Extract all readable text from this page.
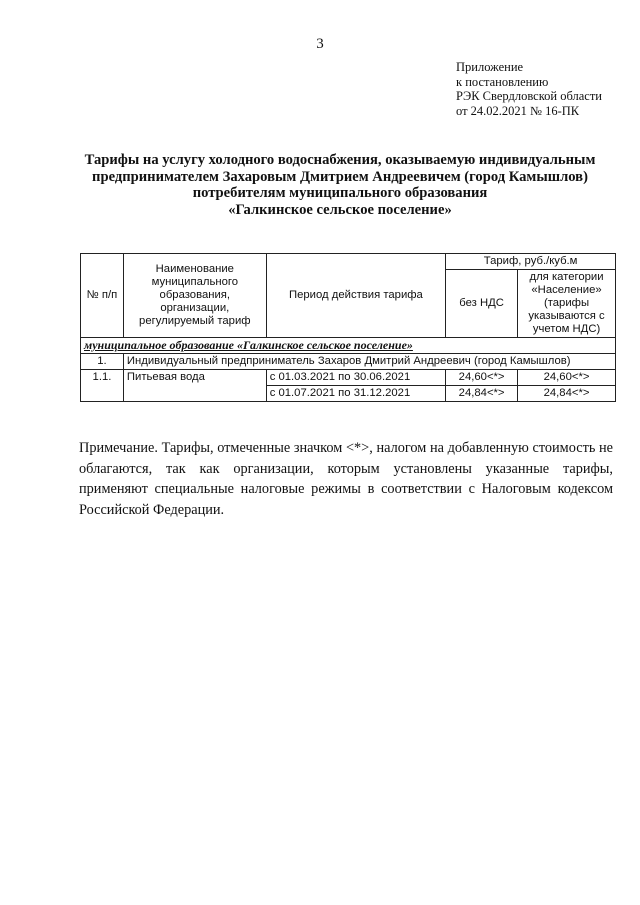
3
Приложение
к постановлению
РЭК Свердловской области
от 24.02.2021 № 16-ПК
Тарифы на услугу холодного водоснабжения, оказываемую индивидуальным
предпринимателем Захаровым Дмитрием Андреевичем (город Камышлов)
потребителям муниципального образования
«Галкинское сельское поселение»
№ п/п	Наименование муниципального образования, организации, регулируемый тариф	Период действия тарифа	Тариф, руб./куб.м	
			без НДС	для категории «Население» (тарифы указываются с учетом НДС)
муниципальное образование «Галкинское сельское поселение»				
1.	Индивидуальный предприниматель Захаров Дмитрий Андреевич (город Камышлов)			
1.1.	Питьевая вода	с 01.03.2021 по 30.06.2021	24,60<*>	24,60<*>
		с 01.07.2021 по 31.12.2021	24,84<*>	24,84<*>
Примечание. Тарифы, отмеченные значком <*>, налогом на добавленную стоимость не облагаются, так как организации, которым установлены указанные тарифы, применяют специальные налоговые режимы в соответствии с Налоговым кодексом Российской Федерации.
